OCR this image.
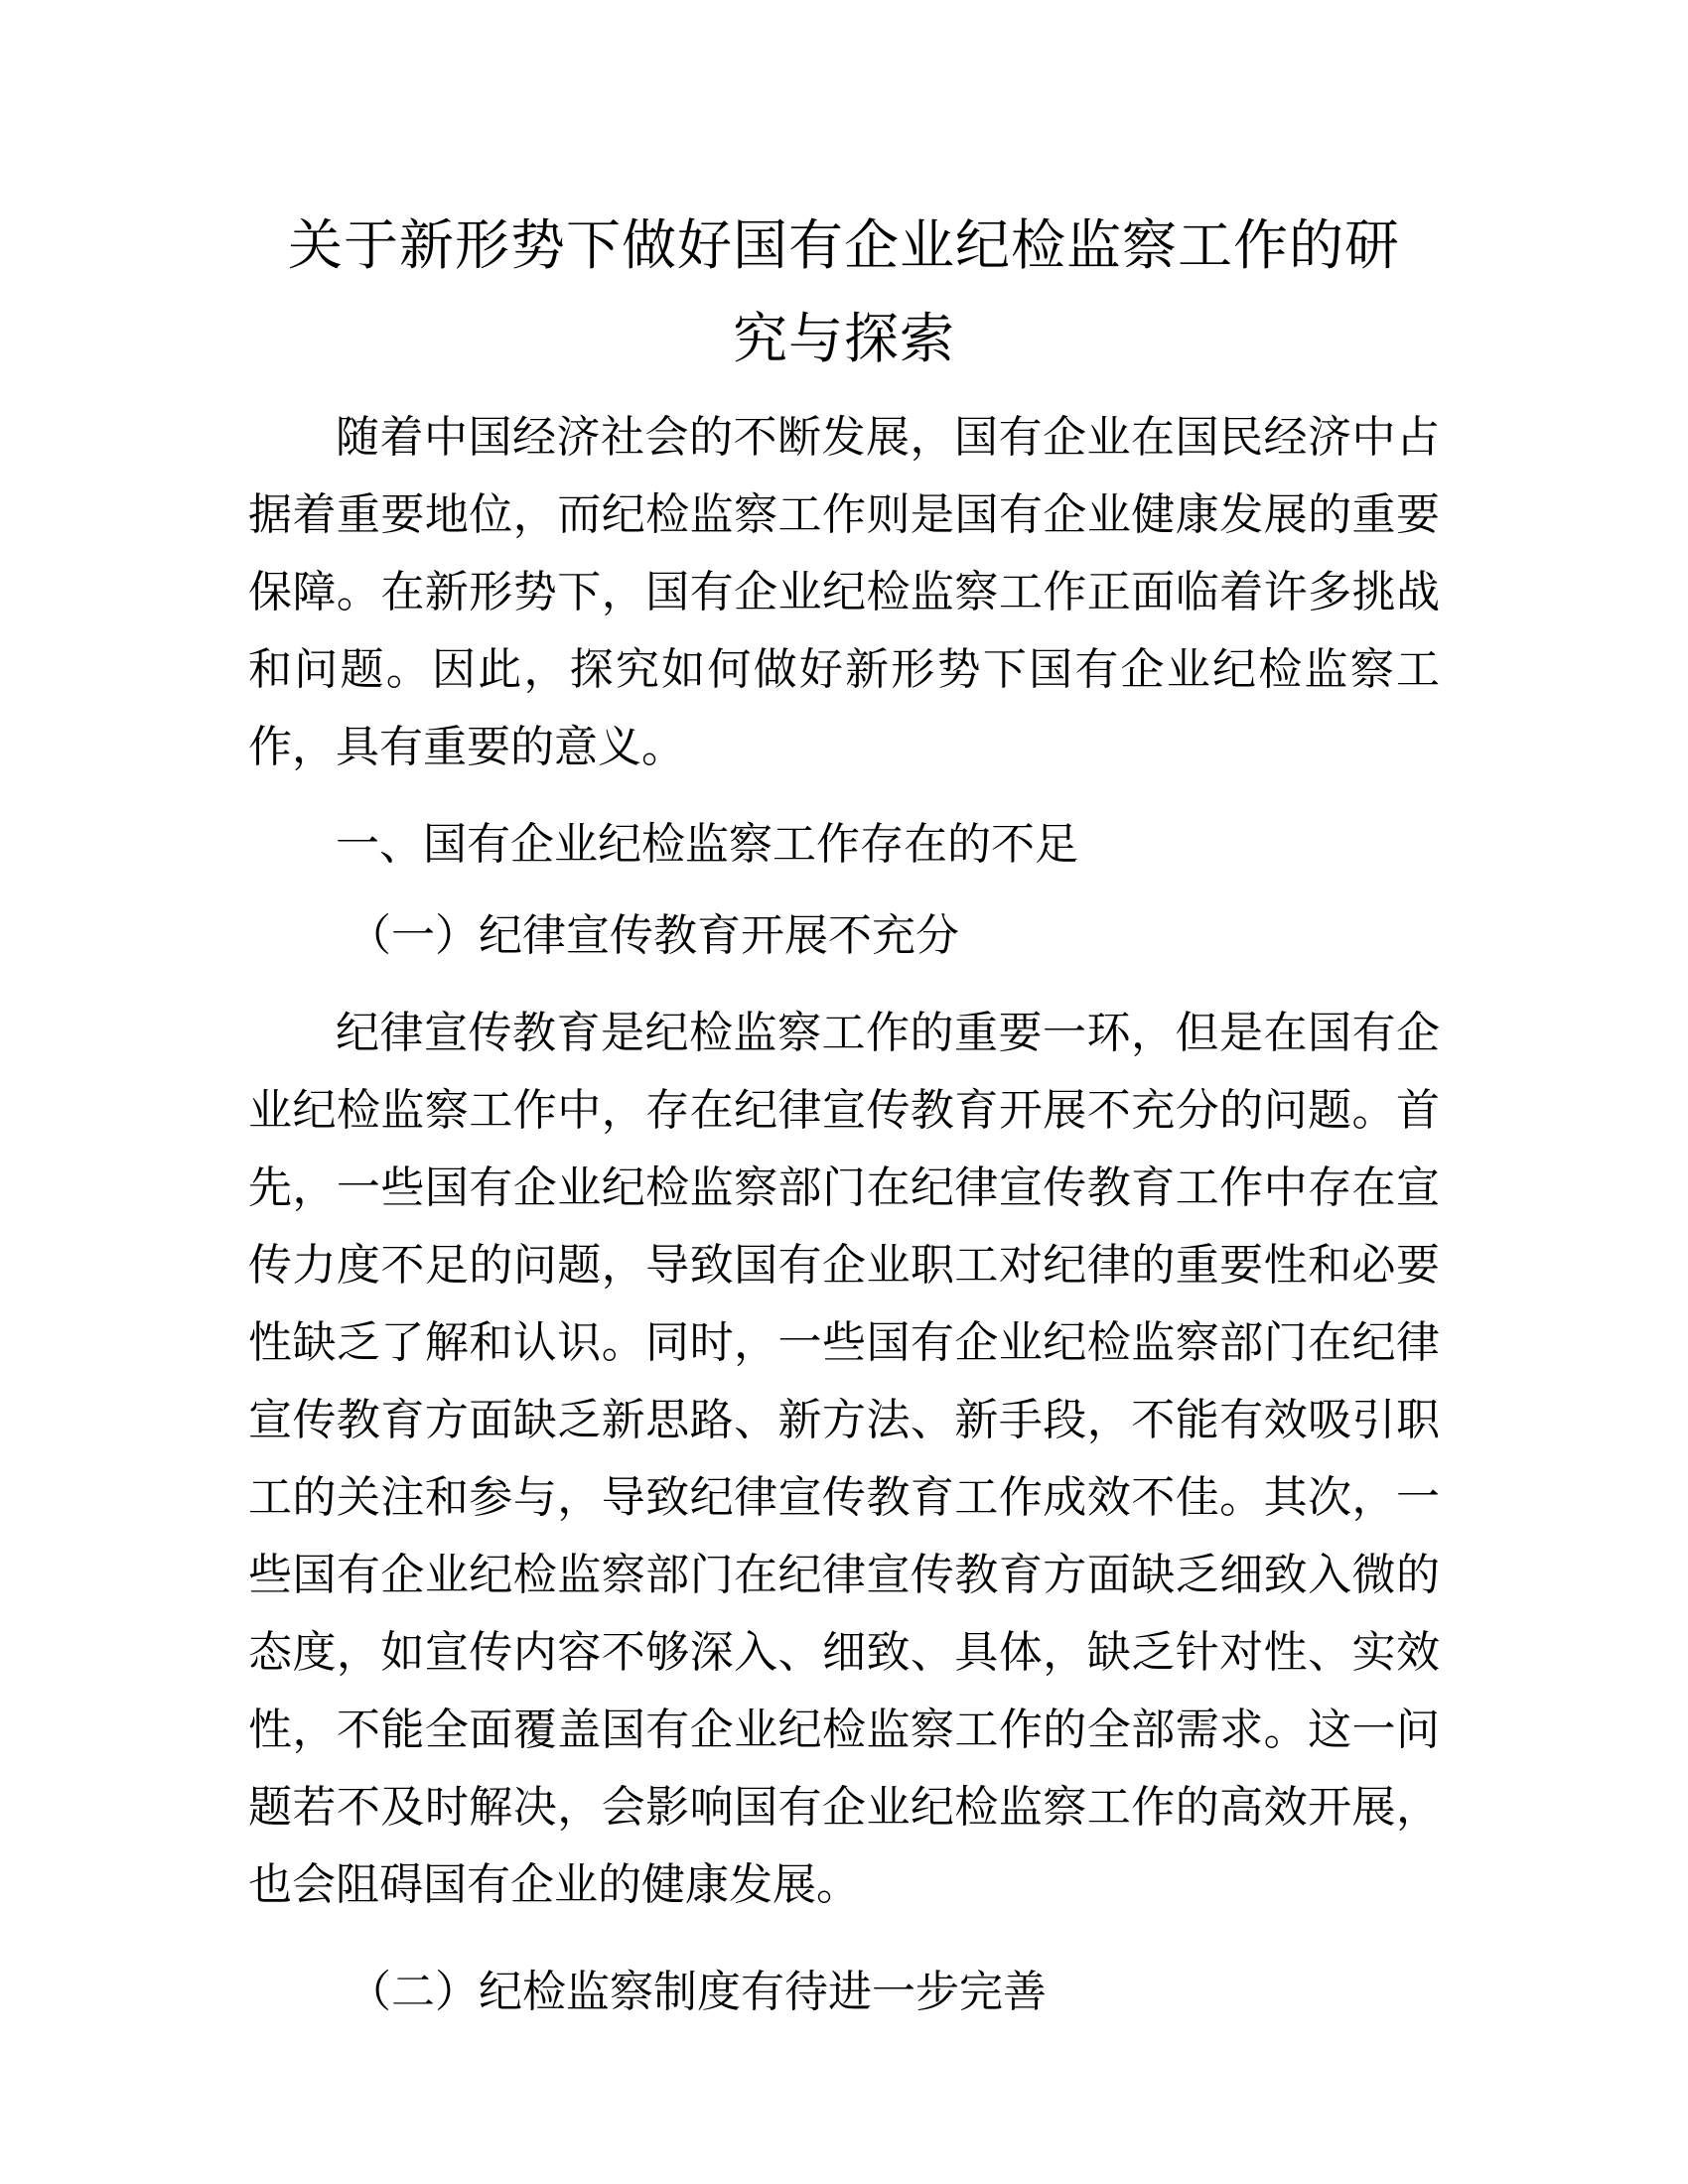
关于新形势下做好国有企业纪检监察工作的研
究与探索

随着中国经济社会的不断发展，国有企业在国民经济中占据着重要地位，而纪检监察工作则是国有企业健康发展的重要保障。在新形势下，国有企业纪检监察工作正面临着许多挑战和问题。因此，探究如何做好新形势下国有企业纪检监察工作，具有重要的意义。

一、国有企业纪检监察工作存在的不足

（一）纪律宣传教育开展不充分

纪律宣传教育是纪检监察工作的重要一环，但是在国有企业纪检监察工作中，存在纪律宣传教育开展不充分的问题。首先，一些国有企业纪检监察部门在纪律宣传教育工作中存在宣传力度不足的问题，导致国有企业职工对纪律的重要性和必要性缺乏了解和认识。同时，一些国有企业纪检监察部门在纪律宣传教育方面缺乏新思路、新方法、新手段，不能有效吸引职工的关注和参与，导致纪律宣传教育工作成效不佳。其次，一些国有企业纪检监察部门在纪律宣传教育方面缺乏细致入微的态度，如宣传内容不够深入、细致、具体，缺乏针对性、实效性，不能全面覆盖国有企业纪检监察工作的全部需求。这一问题若不及时解决，会影响国有企业纪检监察工作的高效开展，也会阻碍国有企业的健康发展。

（二）纪检监察制度有待进一步完善
